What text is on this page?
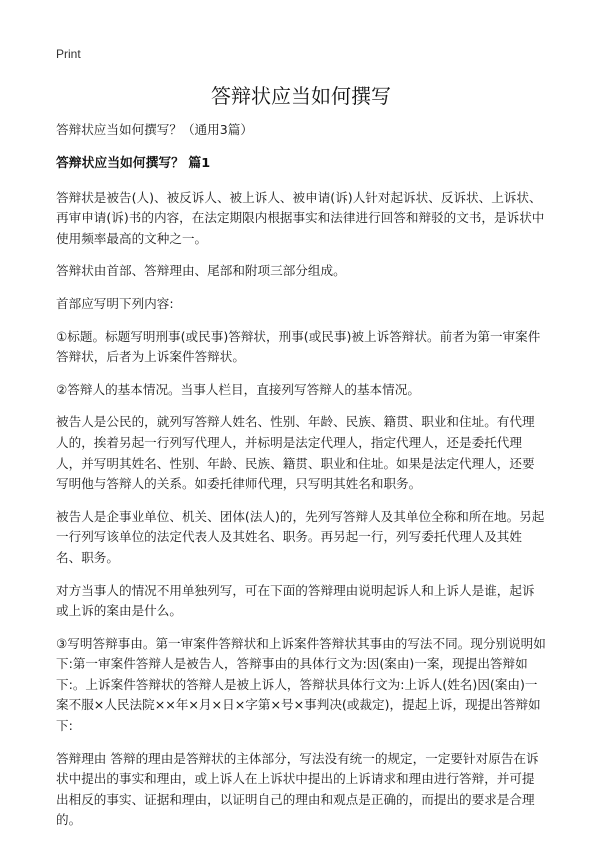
Print
答辩状应当如何撰写

答辩状应当如何撰写？（通用3篇）

答辩状应当如何撰写？ 篇1

答辩状是被告(人)、被反诉人、被上诉人、被申请(诉)人针对起诉状、反诉状、上诉状、再审申请(诉)书的内容，在法定期限内根据事实和法律进行回答和辩驳的文书，是诉状中使用频率最高的文种之一。

答辩状由首部、答辩理由、尾部和附项三部分组成。

首部应写明下列内容:

①标题。标题写明刑事(或民事)答辩状，刑事(或民事)被上诉答辩状。前者为第一审案件答辩状，后者为上诉案件答辩状。

②答辩人的基本情况。当事人栏目，直接列写答辩人的基本情况。

被告人是公民的，就列写答辩人姓名、性别、年龄、民族、籍贯、职业和住址。有代理人的，挨着另起一行列写代理人，并标明是法定代理人，指定代理人，还是委托代理人，并写明其姓名、性别、年龄、民族、籍贯、职业和住址。如果是法定代理人，还要写明他与答辩人的关系。如委托律师代理，只写明其姓名和职务。

被告人是企事业单位、机关、团体(法人)的，先列写答辩人及其单位全称和所在地。另起一行列写该单位的法定代表人及其姓名、职务。再另起一行，列写委托代理人及其姓名、职务。

对方当事人的情况不用单独列写，可在下面的答辩理由说明起诉人和上诉人是谁，起诉或上诉的案由是什么。

③写明答辩事由。第一审案件答辩状和上诉案件答辩状其事由的写法不同。现分别说明如下:第一审案件答辩人是被告人，答辩事由的具体行文为:因(案由)一案，现提出答辩如下:。上诉案件答辩状的答辩人是被上诉人，答辩状具体行文为:上诉人(姓名)因(案由)一案不服×人民法院××年×月×日×字第×号×事判决(或裁定)，提起上诉，现提出答辩如下:

答辩理由 答辩的理由是答辩状的主体部分，写法没有统一的规定，一定要针对原告在诉状中提出的事实和理由，或上诉人在上诉状中提出的上诉请求和理由进行答辩，并可提出相反的事实、证据和理由，以证明自己的理由和观点是正确的，而提出的要求是合理的。
